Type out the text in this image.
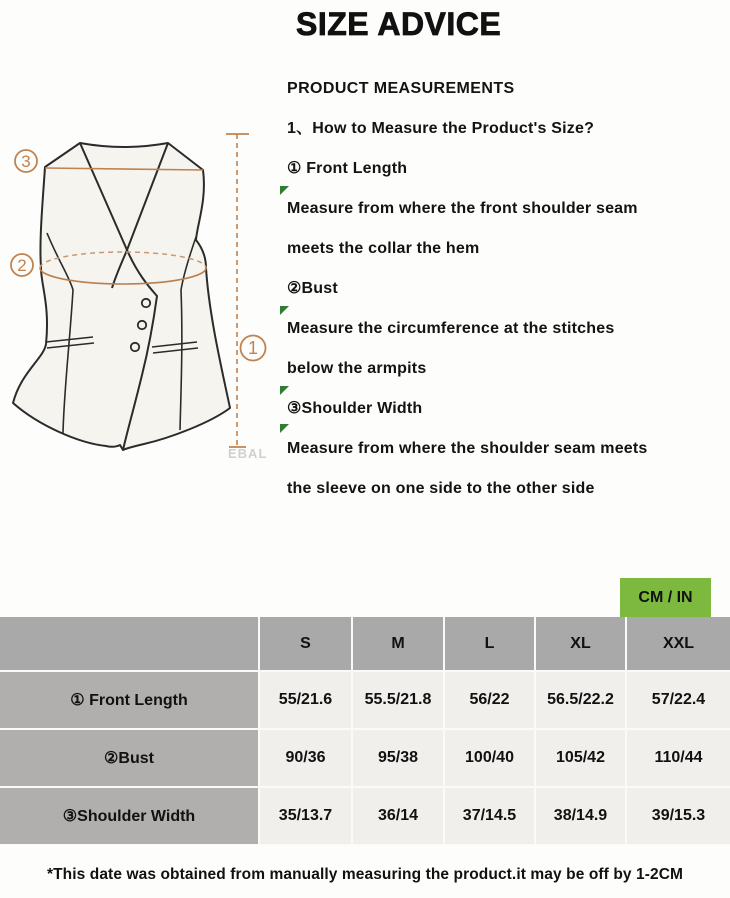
SIZE ADVICE
3
2
1
EBAL
PRODUCT MEASUREMENTS
1、How to Measure the Product's Size?
① Front Length
Measure from where the front shoulder seam
meets the collar the hem
②Bust
Measure the circumference at the stitches
below the armpits
③Shoulder Width
Measure from where the shoulder seam meets
the sleeve on one side to the other side
CM / IN
S	M	L	XL	XXL
① Front Length	55/21.6	55.5/21.8	56/22	56.5/22.2	57/22.4
②Bust	90/36	95/38	100/40	105/42	110/44
③Shoulder Width	35/13.7	36/14	37/14.5	38/14.9	39/15.3
*This date was obtained from manually measuring the product.it may be off by 1-2CM
